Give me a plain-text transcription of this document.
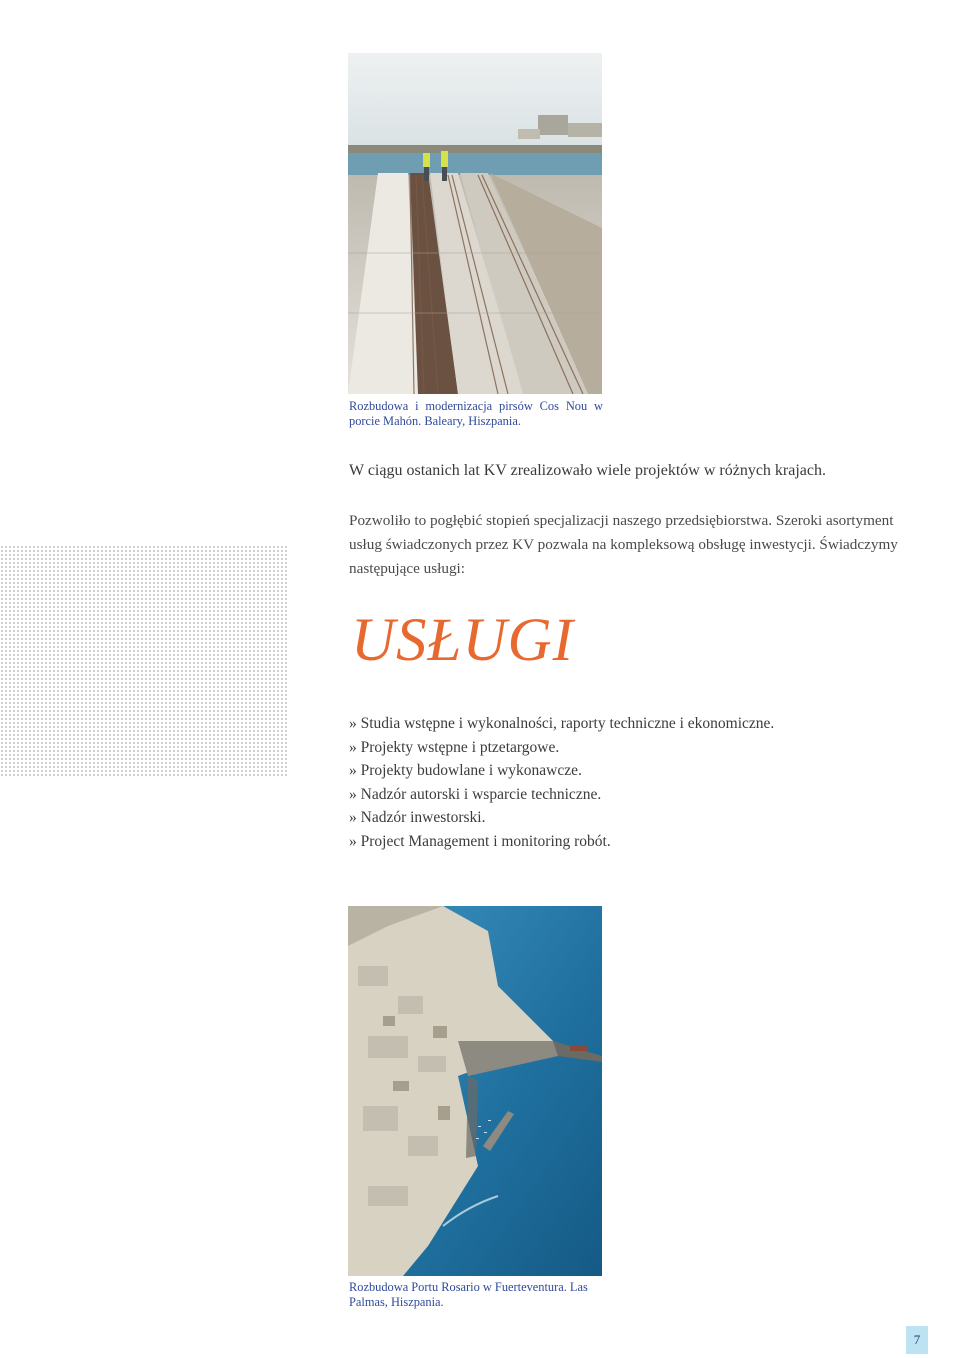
Rozbudowa i modernizacja pirsów Cos Nou w porcie Mahón. Baleary, Hiszpania.

W ciągu ostanich lat KV zrealizowało wiele projektów w różnych krajach.

Pozwoliło to pogłębić stopień specjalizacji naszego przedsiębiorstwa. Szeroki asortyment usług świadczonych przez KV pozwala na kompleksową obsługę inwestycji. Świadczymy następujące usługi:

USŁUGI
» Studia wstępne i wykonalności, raporty techniczne i ekonomiczne.
» Projekty wstępne i ptzetargowe.
» Projekty budowlane i wykonawcze.
» Nadzór autorski i wsparcie techniczne.
» Nadzór inwestorski.
» Project Management i monitoring robót.
Rozbudowa Portu Rosario w Fuerteventura. Las Palmas, Hiszpania.
7
